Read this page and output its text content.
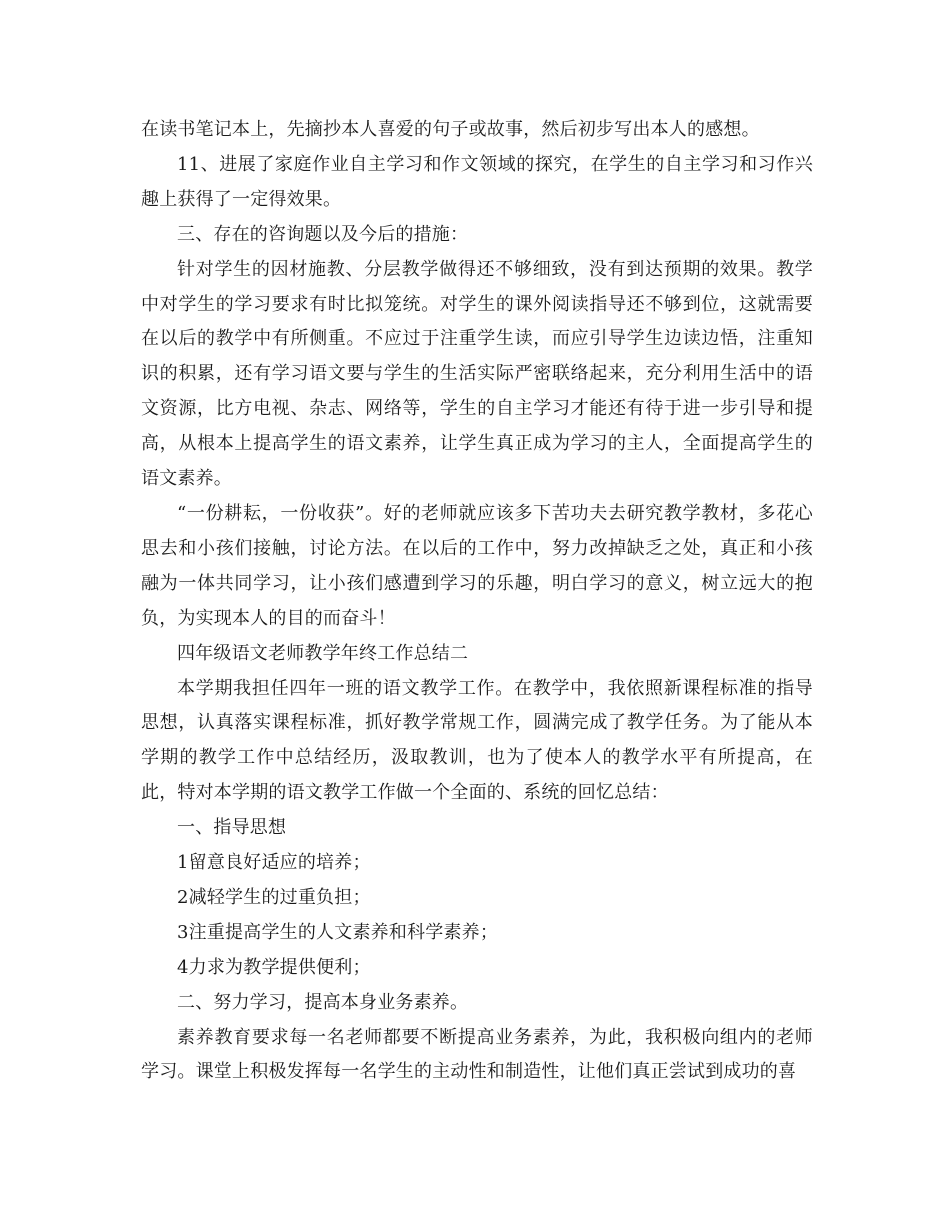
在读书笔记本上，先摘抄本人喜爱的句子或故事，然后初步写出本人的感想。

11、进展了家庭作业自主学习和作文领域的探究，在学生的自主学习和习作兴趣上获得了一定得效果。

三、存在的咨询题以及今后的措施：

针对学生的因材施教、分层教学做得还不够细致，没有到达预期的效果。教学中对学生的学习要求有时比拟笼统。对学生的课外阅读指导还不够到位，这就需要在以后的教学中有所侧重。不应过于注重学生读，而应引导学生边读边悟，注重知识的积累，还有学习语文要与学生的生活实际严密联络起来，充分利用生活中的语文资源，比方电视、杂志、网络等，学生的自主学习才能还有待于进一步引导和提高，从根本上提高学生的语文素养，让学生真正成为学习的主人，全面提高学生的语文素养。

“一份耕耘，一份收获”。好的老师就应该多下苦功夫去研究教学教材，多花心思去和小孩们接触，讨论方法。在以后的工作中，努力改掉缺乏之处，真正和小孩融为一体共同学习，让小孩们感遭到学习的乐趣，明白学习的意义，树立远大的抱负，为实现本人的目的而奋斗！

四年级语文老师教学年终工作总结二

本学期我担任四年一班的语文教学工作。在教学中，我依照新课程标准的指导思想，认真落实课程标准，抓好教学常规工作，圆满完成了教学任务。为了能从本学期的教学工作中总结经历，汲取教训，也为了使本人的教学水平有所提高，在此，特对本学期的语文教学工作做一个全面的、系统的回忆总结：

一、指导思想

1留意良好适应的培养；

2减轻学生的过重负担；

3注重提高学生的人文素养和科学素养；

4力求为教学提供便利；

二、努力学习，提高本身业务素养。

素养教育要求每一名老师都要不断提高业务素养，为此，我积极向组内的老师学习。课堂上积极发挥每一名学生的主动性和制造性，让他们真正尝试到成功的喜
